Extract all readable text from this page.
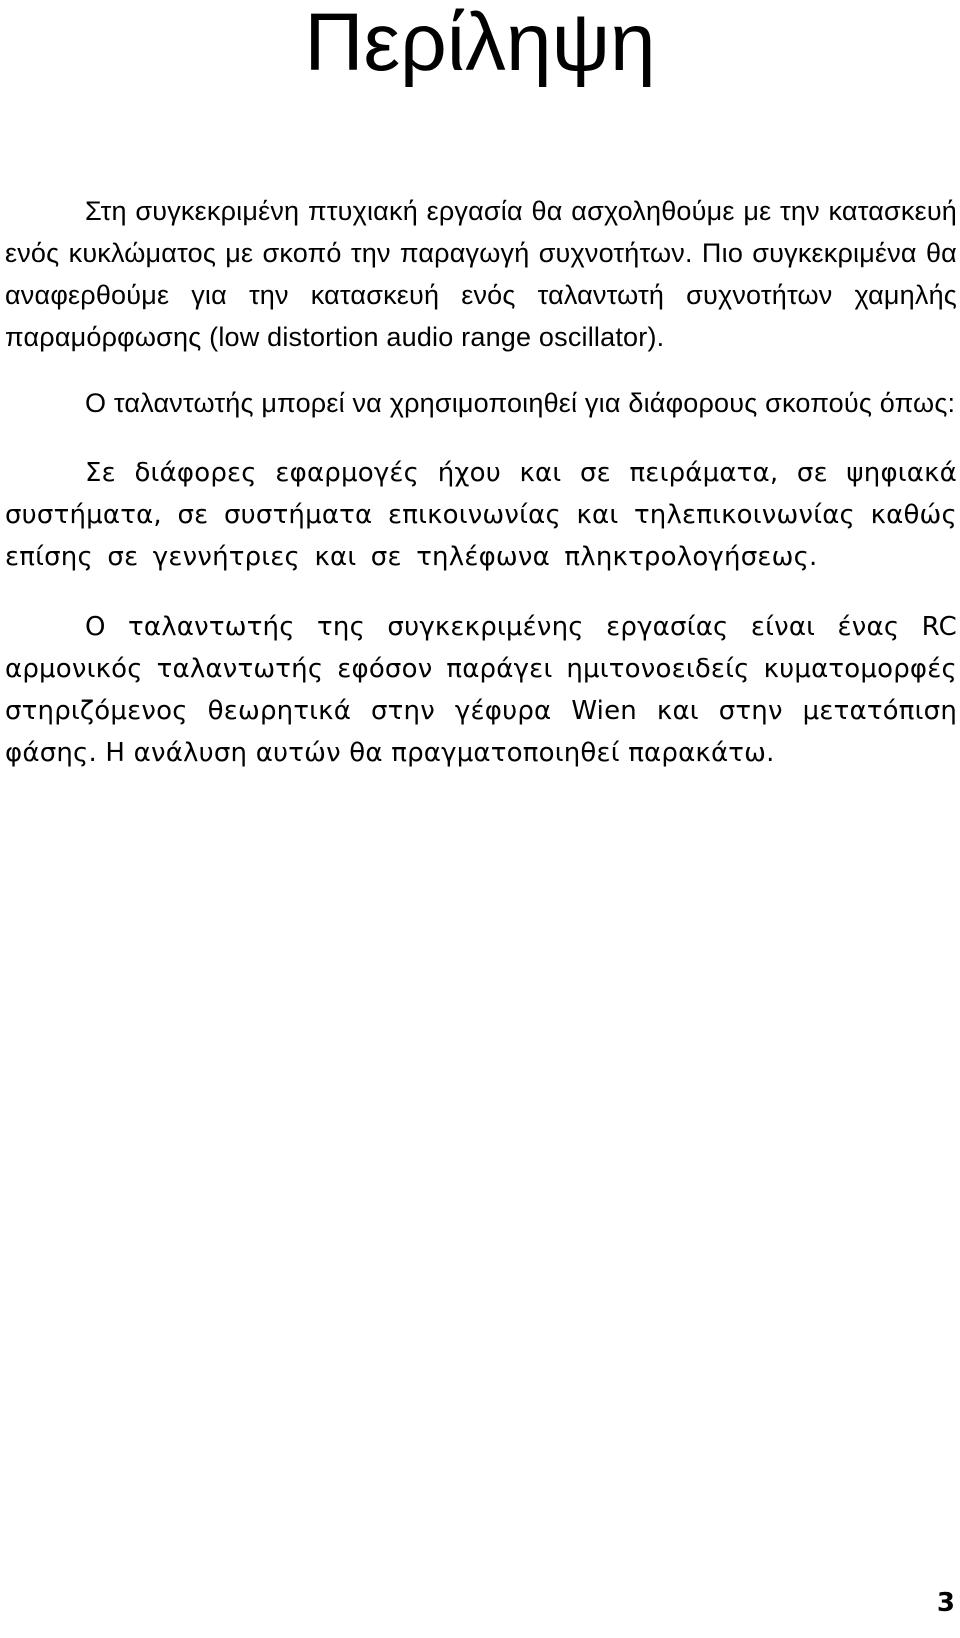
Περίληψη

Στη συγκεκριμένη πτυχιακή εργασία θα ασχοληθούμε με την κατασκευή ενός κυκλώματος με σκοπό την παραγωγή συχνοτήτων. Πιο συγκεκριμένα θα αναφερθούμε για την κατασκευή ενός ταλαντωτή συχνοτήτων χαμηλής παραμόρφωσης (low distortion audio range oscillator).

Ο ταλαντωτής μπορεί να χρησιμοποιηθεί για διάφορους σκοπούς όπως:

Σε διάφορες εφαρμογές ήχου και σε πειράματα, σε ψηφιακά συστήματα, σε συστήματα επικοινωνίας και τηλεπικοινωνίας καθώς επίσης σε γεννήτριες και σε τηλέφωνα πληκτρολογήσεως.

Ο ταλαντωτής της συγκεκριμένης εργασίας είναι ένας RC αρμονικός ταλαντωτής εφόσον παράγει ημιτονοειδείς κυματομορφές στηριζόμενος θεωρητικά στην γέφυρα Wien και στην μετατόπιση φάσης. Η ανάλυση αυτών θα πραγματοποιηθεί παρακάτω.

3
